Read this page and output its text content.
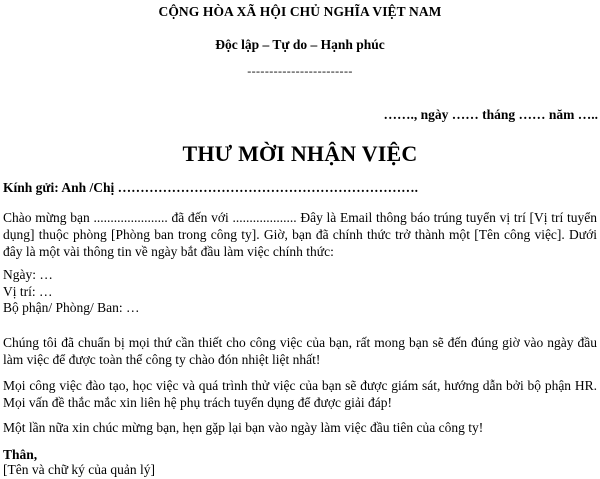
CỘNG HÒA XÃ HỘI CHỦ NGHĨA VIỆT NAM
Độc lập – Tự do – Hạnh phúc
------------------------
……., ngày …… tháng …… năm …..
THƯ MỜI NHẬN VIỆC
Kính gửi: Anh /Chị ………………………………………………………….
Chào mừng bạn ...................... đã đến với ................... Đây là Email thông báo trúng tuyển vị trí [Vị trí tuyển dụng] thuộc phòng [Phòng ban trong công ty]. Giờ, bạn đã chính thức trở thành một [Tên công việc]. Dưới đây là một vài thông tin về ngày bắt đầu làm việc chính thức:
Ngày: …
Vị trí: …
Bộ phận/ Phòng/ Ban: …
Chúng tôi đã chuẩn bị mọi thứ cần thiết cho công việc của bạn, rất mong bạn sẽ đến đúng giờ vào ngày đầu làm việc để được toàn thể công ty chào đón nhiệt liệt nhất!
Mọi công việc đào tạo, học việc và quá trình thử việc của bạn sẽ được giám sát, hướng dẫn bởi bộ phận HR. Mọi vấn đề thắc mắc xin liên hệ phụ trách tuyển dụng để được giải đáp!
Một lần nữa xin chúc mừng bạn, hẹn gặp lại bạn vào ngày làm việc đầu tiên của công ty!
Thân,
[Tên và chữ ký của quản lý]
